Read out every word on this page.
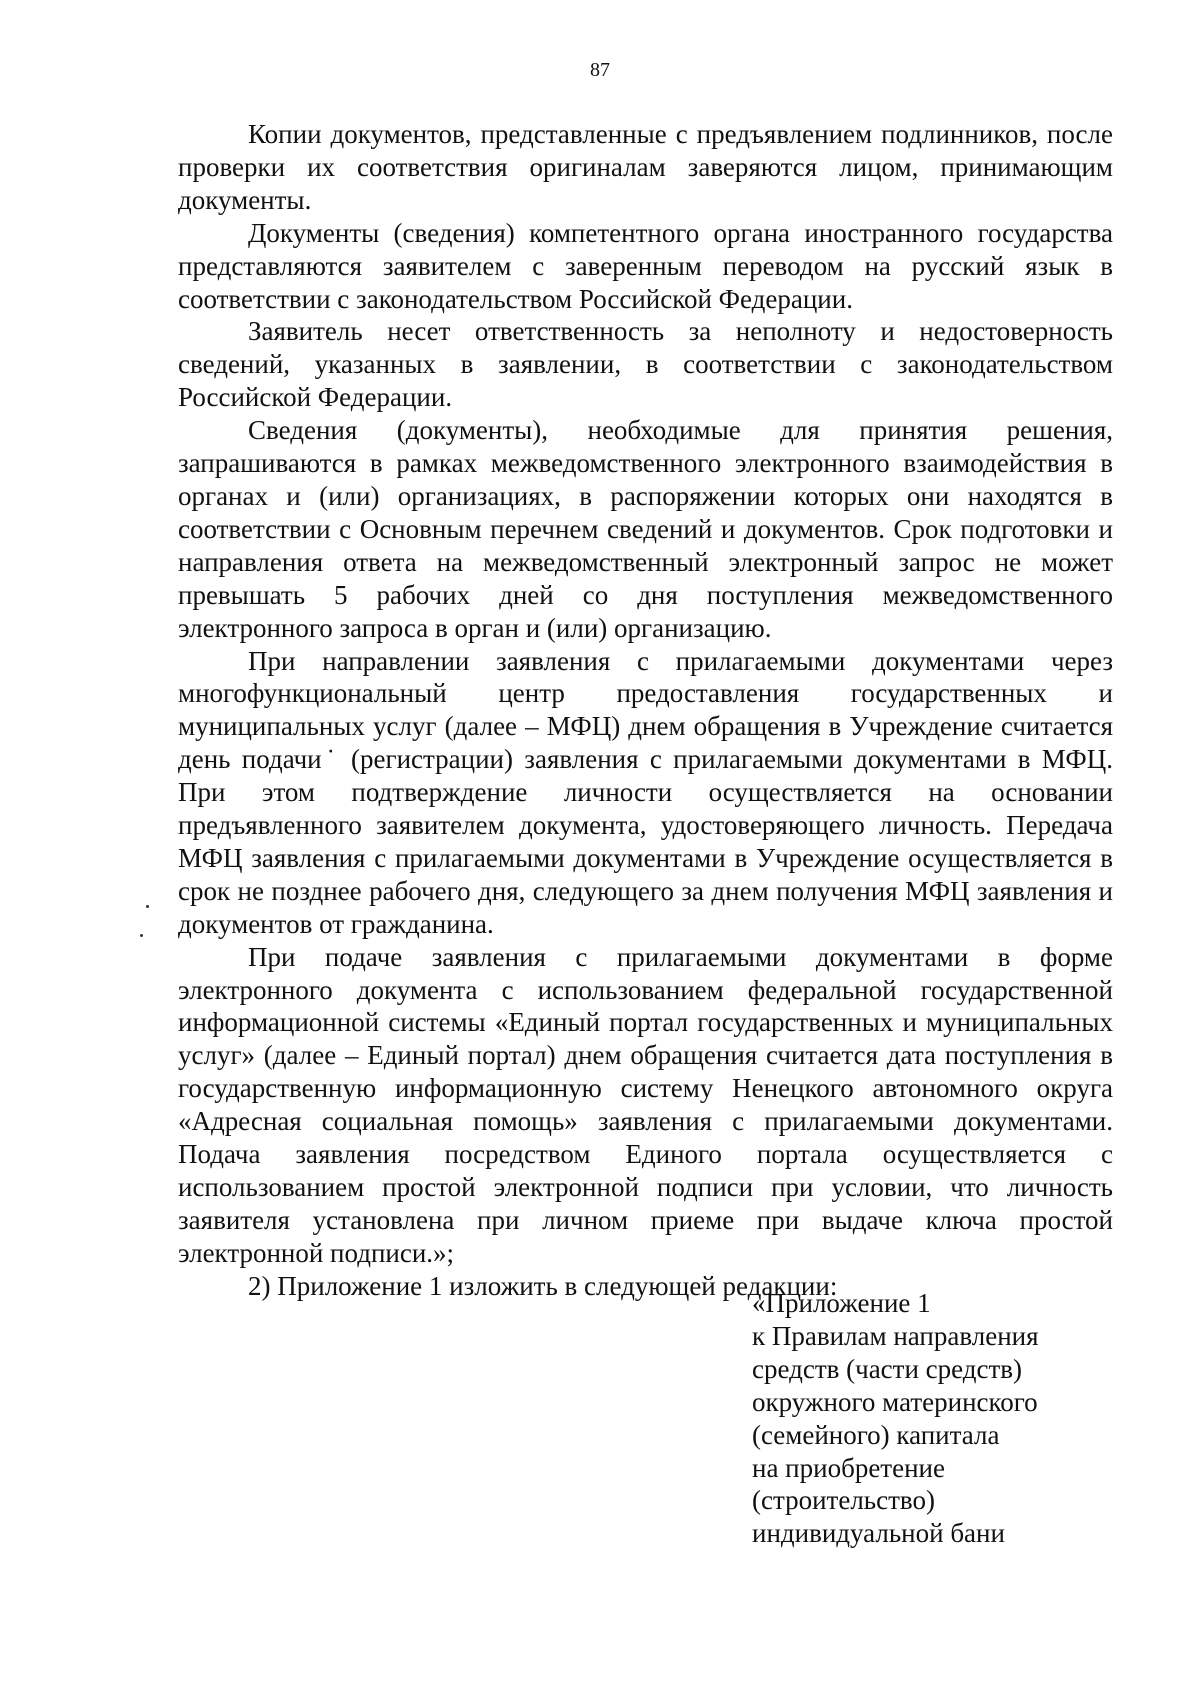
87

Копии документов, представленные с предъявлением подлинников, после проверки их соответствия оригиналам заверяются лицом, принимающим документы.

Документы (сведения) компетентного органа иностранного государства представляются заявителем с заверенным переводом на русский язык в соответствии с законодательством Российской Федерации.

Заявитель несет ответственность за неполноту и недостоверность сведений, указанных в заявлении, в соответствии с законодательством Российской Федерации.

Сведения (документы), необходимые для принятия решения, запрашиваются в рамках межведомственного электронного взаимодействия в органах и (или) организациях, в распоряжении которых они находятся в соответствии с Основным перечнем сведений и документов. Срок подготовки и направления ответа на межведомственный электронный запрос не может превышать 5 рабочих дней со дня поступления межведомственного электронного запроса в орган и (или) организацию.

При направлении заявления с прилагаемыми документами через многофункциональный центр предоставления государственных и муниципальных услуг (далее – МФЦ) днем обращения в Учреждение считается день подачи˙ (регистрации) заявления с прилагаемыми документами в МФЦ. При этом подтверждение личности осуществляется на основании предъявленного заявителем документа, удостоверяющего личность. Передача МФЦ заявления с прилагаемыми документами в Учреждение осуществляется в срок не позднее рабочего дня, следующего за днем получения МФЦ заявления и документов от гражданина.

При подаче заявления с прилагаемыми документами в форме электронного документа с использованием федеральной государственной информационной системы «Единый портал государственных и муниципальных услуг» (далее – Единый портал) днем обращения считается дата поступления в государственную информационную систему Ненецкого автономного округа «Адресная социальная помощь» заявления с прилагаемыми документами. Подача заявления посредством Единого портала осуществляется с использованием простой электронной подписи при условии, что личность заявителя установлена при личном приеме при выдаче ключа простой электронной подписи.»;

2) Приложение 1 изложить в следующей редакции:

«Приложение 1
к Правилам направления
средств (части средств)
окружного материнского
(семейного) капитала
на приобретение
(строительство)
индивидуальной бани
